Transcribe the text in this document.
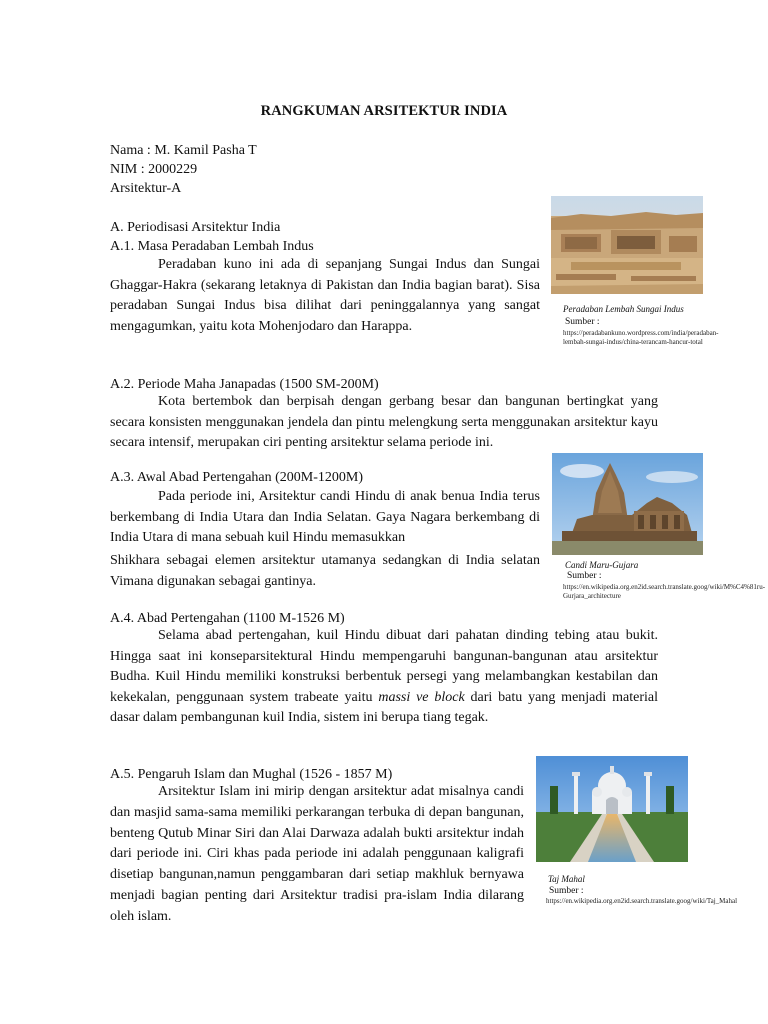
RANGKUMAN ARSITEKTUR INDIA
Nama : M. Kamil Pasha T
NIM : 2000229
Arsitektur-A
A. Periodisasi Arsitektur India
A.1. Masa Peradaban Lembah Indus
Peradaban kuno ini ada di sepanjang Sungai Indus dan Sungai Ghaggar-Hakra (sekarang letaknya di Pakistan dan India bagian barat). Sisa peradaban Sungai Indus bisa dilihat dari peninggalannya yang sangat mengagumkan, yaitu kota Mohenjodaro dan Harappa.
Peradaban Lembah Sungai Indus
Sumber :
https://peradabankuno.wordpress.com/india/peradaban-lembah-sungai-indus/china-terancam-hancur-total
A.2. Periode Maha Janapadas (1500 SM-200M)
Kota bertembok dan berpisah dengan gerbang besar dan bangunan bertingkat yang secara konsisten menggunakan jendela dan pintu melengkung serta menggunakan arsitektur kayu secara intensif, merupakan ciri penting arsitektur selama periode ini.
A.3. Awal Abad Pertengahan (200M-1200M)
Pada periode ini, Arsitektur candi Hindu di anak benua India terus berkembang di India Utara dan India Selatan. Gaya Nagara berkembang di India Utara di mana sebuah kuil Hindu memasukkan
Shikhara sebagai elemen arsitektur utamanya sedangkan di India selatan Vimana digunakan sebagai gantinya.
Candi Maru-Gujara
Sumber :
https://en.wikipedia.org.en2id.search.translate.goog/wiki/M%C4%81ru-Gurjara_architecture
A.4. Abad Pertengahan (1100 M-1526 M)
Selama abad pertengahan, kuil Hindu dibuat dari pahatan dinding tebing atau bukit. Hingga saat ini konseparsitektural Hindu mempengaruhi bangunan-bangunan atau arsitektur Budha. Kuil Hindu memiliki konstruksi berbentuk persegi yang melambangkan kestabilan dan kekekalan, penggunaan system trabeate yaitu massi ve block dari batu yang menjadi material dasar dalam pembangunan kuil India, sistem ini berupa tiang tegak.
A.5. Pengaruh Islam dan Mughal (1526 - 1857 M)
Arsitektur Islam ini mirip dengan arsitektur adat misalnya candi dan masjid sama-sama memiliki perkarangan terbuka di depan bangunan, benteng Qutub Minar Siri dan Alai Darwaza adalah bukti arsitektur indah dari periode ini. Ciri khas pada periode ini adalah penggunaan kaligrafi disetiap bangunan,namun penggambaran dari setiap makhluk bernyawa menjadi bagian penting dari Arsitektur tradisi pra-islam India dilarang oleh islam.
Taj Mahal
Sumber :
https://en.wikipedia.org.en2id.search.translate.goog/wiki/Taj_Mahal
